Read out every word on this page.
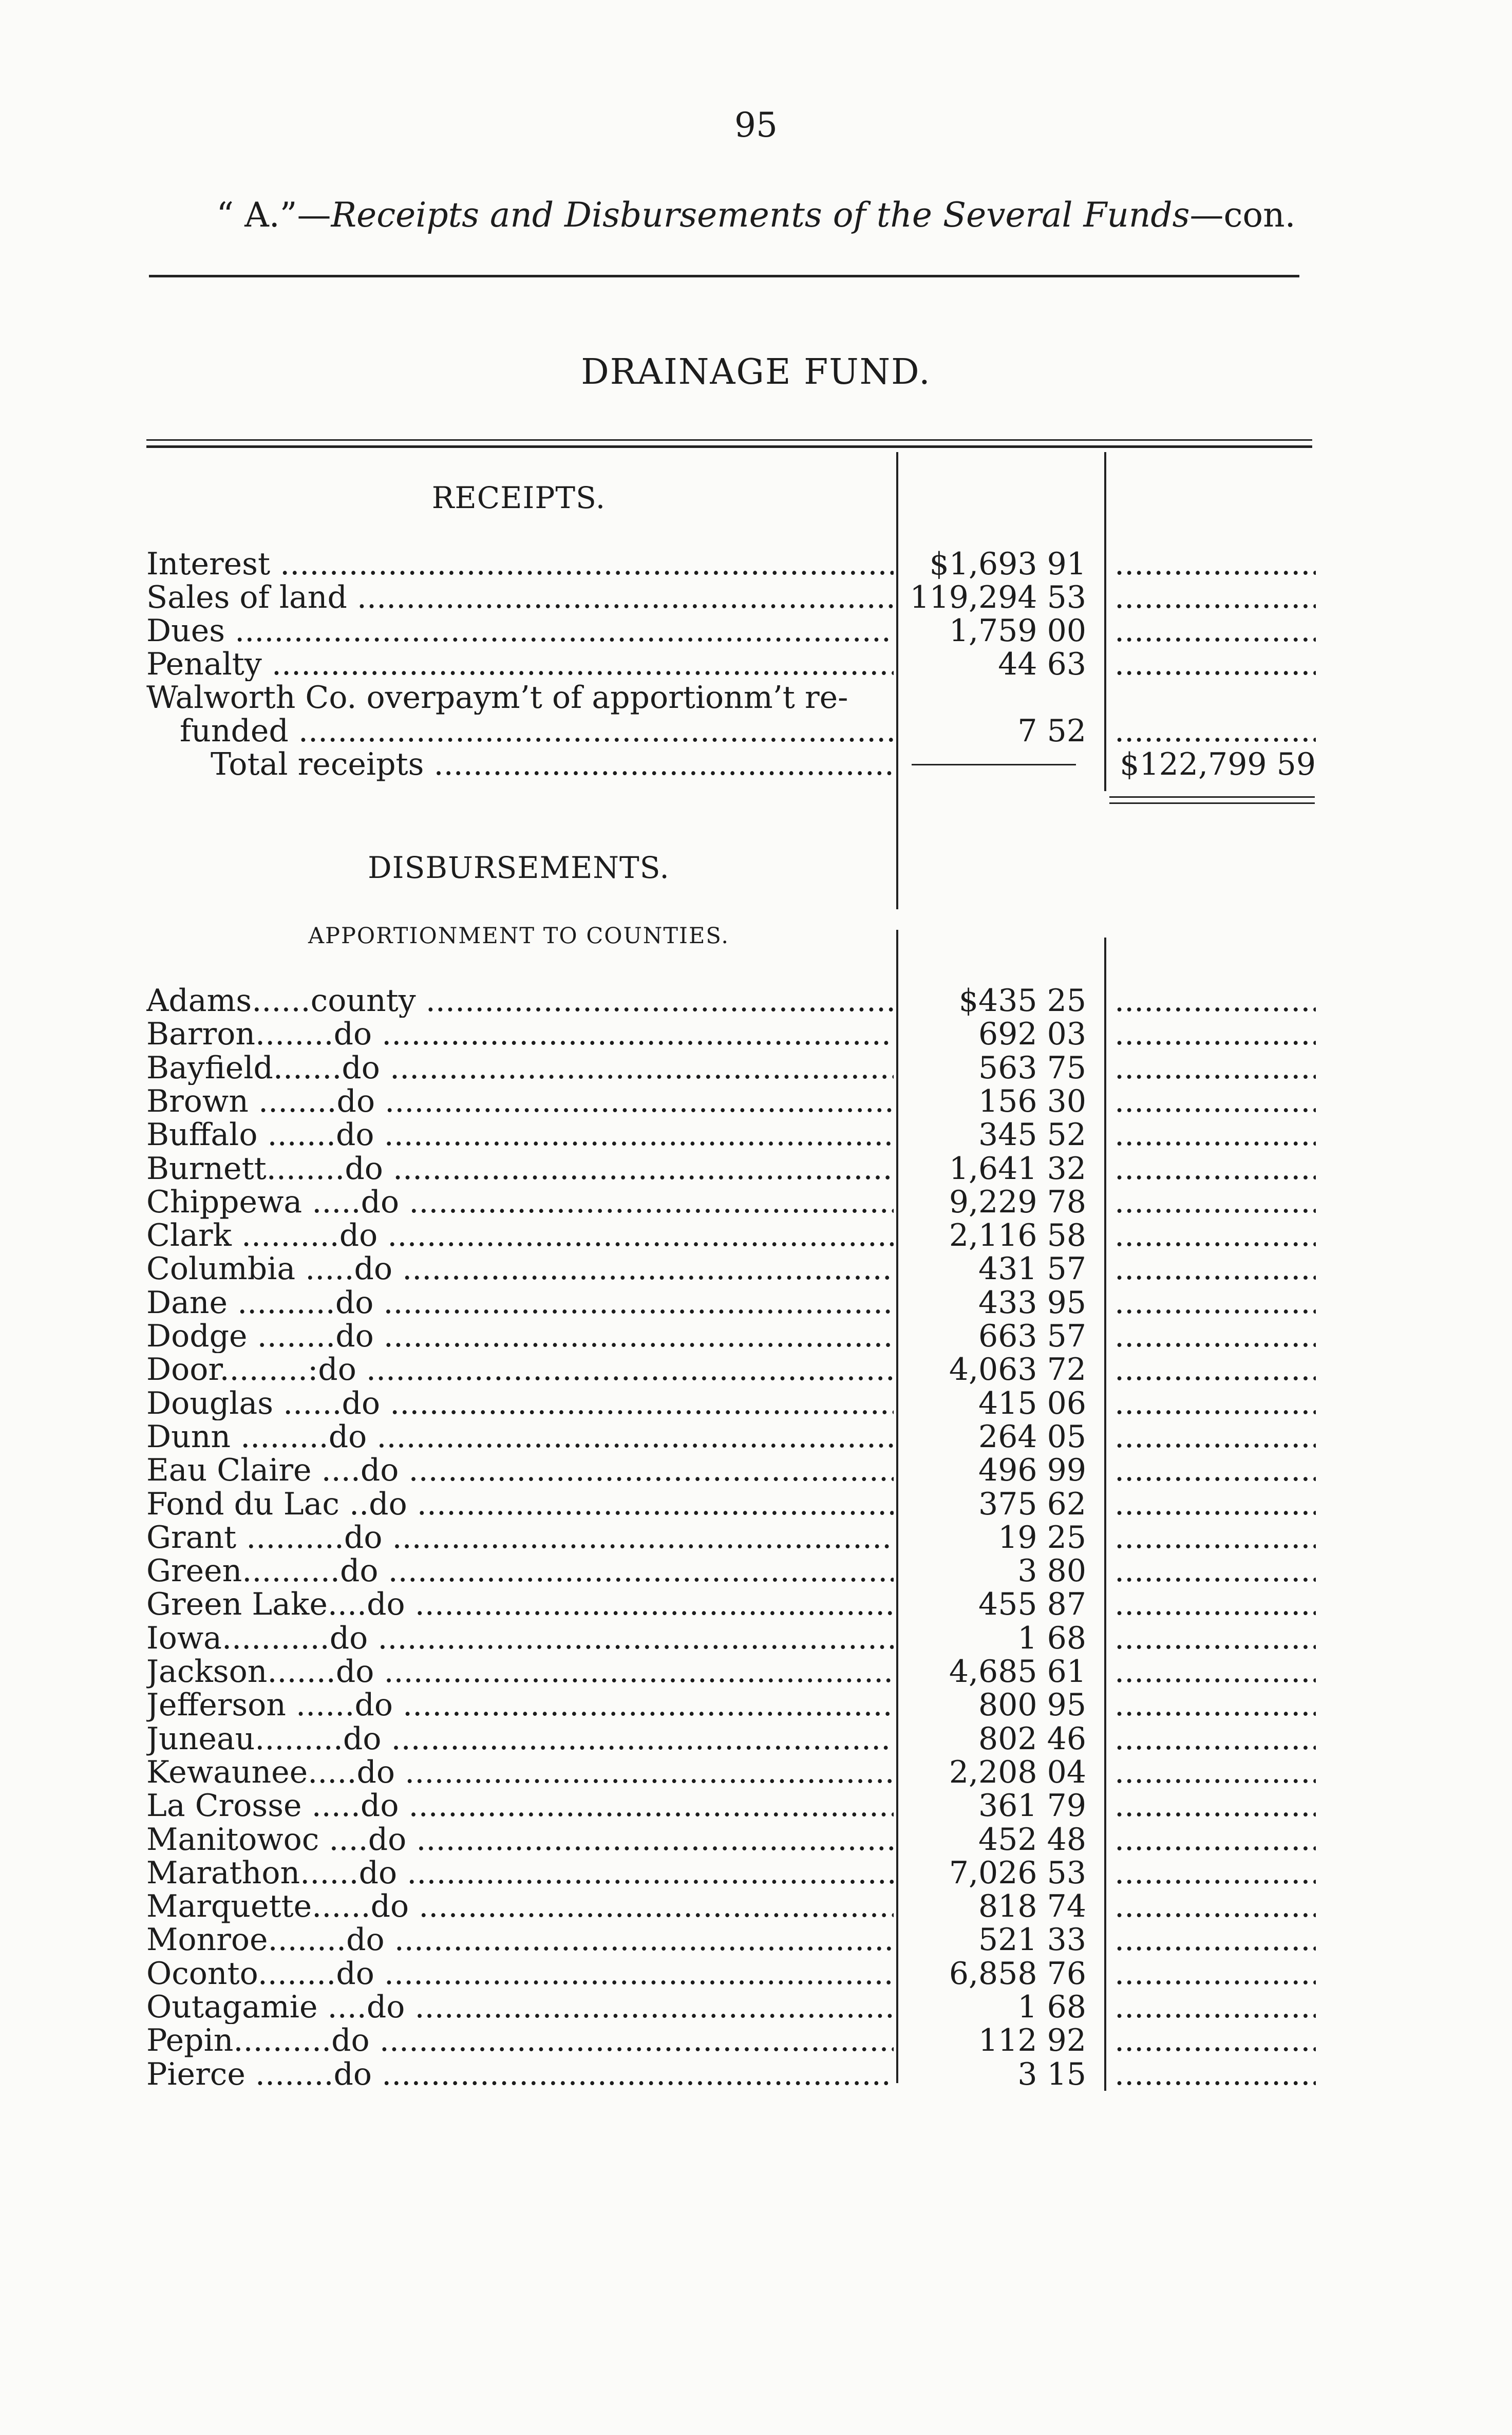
95
“ A.”—Receipts and Disbursements of the Several Funds—con.
DRAINAGE FUND.
RECEIPTS.
Interest .....	$1,693 91
.....
Sales of land .....	119,294 53
.....
Dues .....	1,759 00
.....
Penalty .....	44 63
.....
Walworth Co. overpaym’t of apportionm’t re-
funded .....	7 52
.....
Total receipts .....	$122,799 59
DISBURSEMENTS.
APPORTIONMENT TO COUNTIES.
Adams......county .....	$435 25
.....
Barron........do .....	692 03
.....
Bayfield.......do .....	563 75
.....
Brown ........do .....	156 30
.....
Buffalo .......do .....	345 52
.....
Burnett........do .....	1,641 32
.....
Chippewa .....do .....	9,229 78
.....
Clark ..........do .....	2,116 58
.....
Columbia .....do .....	431 57
.....
Dane ..........do .....	433 95
.....
Dodge ........do .....	663 57
.....
Door.........:do .....	4,063 72
.....
Douglas ......do .....	415 06
.....
Dunn .........do .....	264 05
.....
Eau Claire ....do .....	496 99
.....
Fond du Lac ..do .....	375 62
.....
Grant ..........do .....	19 25
.....
Green..........do .....	3 80
.....
Green Lake....do .....	455 87
.....
Iowa...........do .....	1 68
.....
Jackson.......do .....	4,685 61
.....
Jefferson ......do .....	800 95
.....
Juneau.........do .....	802 46
.....
Kewaunee.....do .....	2,208 04
.....
La Crosse .....do .....	361 79
.....
Manitowoc ....do .....	452 48
.....
Marathon......do .....	7,026 53
.....
Marquette......do .....	818 74
.....
Monroe........do .....	521 33
.....
Oconto........do .....	6,858 76
.....
Outagamie ....do .....	1 68
.....
Pepin..........do .....	112 92
.....
Pierce ........do .....	3 15
.....
